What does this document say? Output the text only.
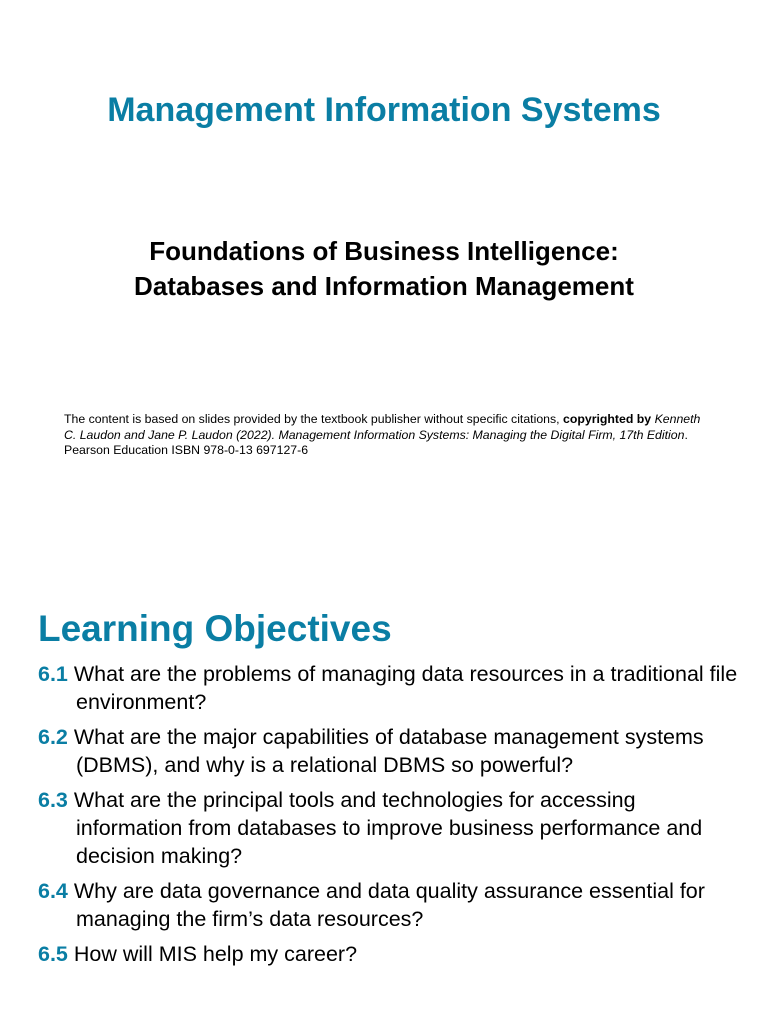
Management Information Systems
Foundations of Business Intelligence:
Databases and Information Management
The content is based on slides provided by the textbook publisher without specific citations, copyrighted by Kenneth C. Laudon and Jane P. Laudon (2022). Management Information Systems: Managing the Digital Firm, 17th Edition. Pearson Education ISBN 978-0-13 697127-6
Learning Objectives
6.1 What are the problems of managing data resources in a traditional file environment?
6.2 What are the major capabilities of database management systems (DBMS), and why is a relational DBMS so powerful?
6.3 What are the principal tools and technologies for accessing information from databases to improve business performance and decision making?
6.4 Why are data governance and data quality assurance essential for managing the firm’s data resources?
6.5 How will MIS help my career?
